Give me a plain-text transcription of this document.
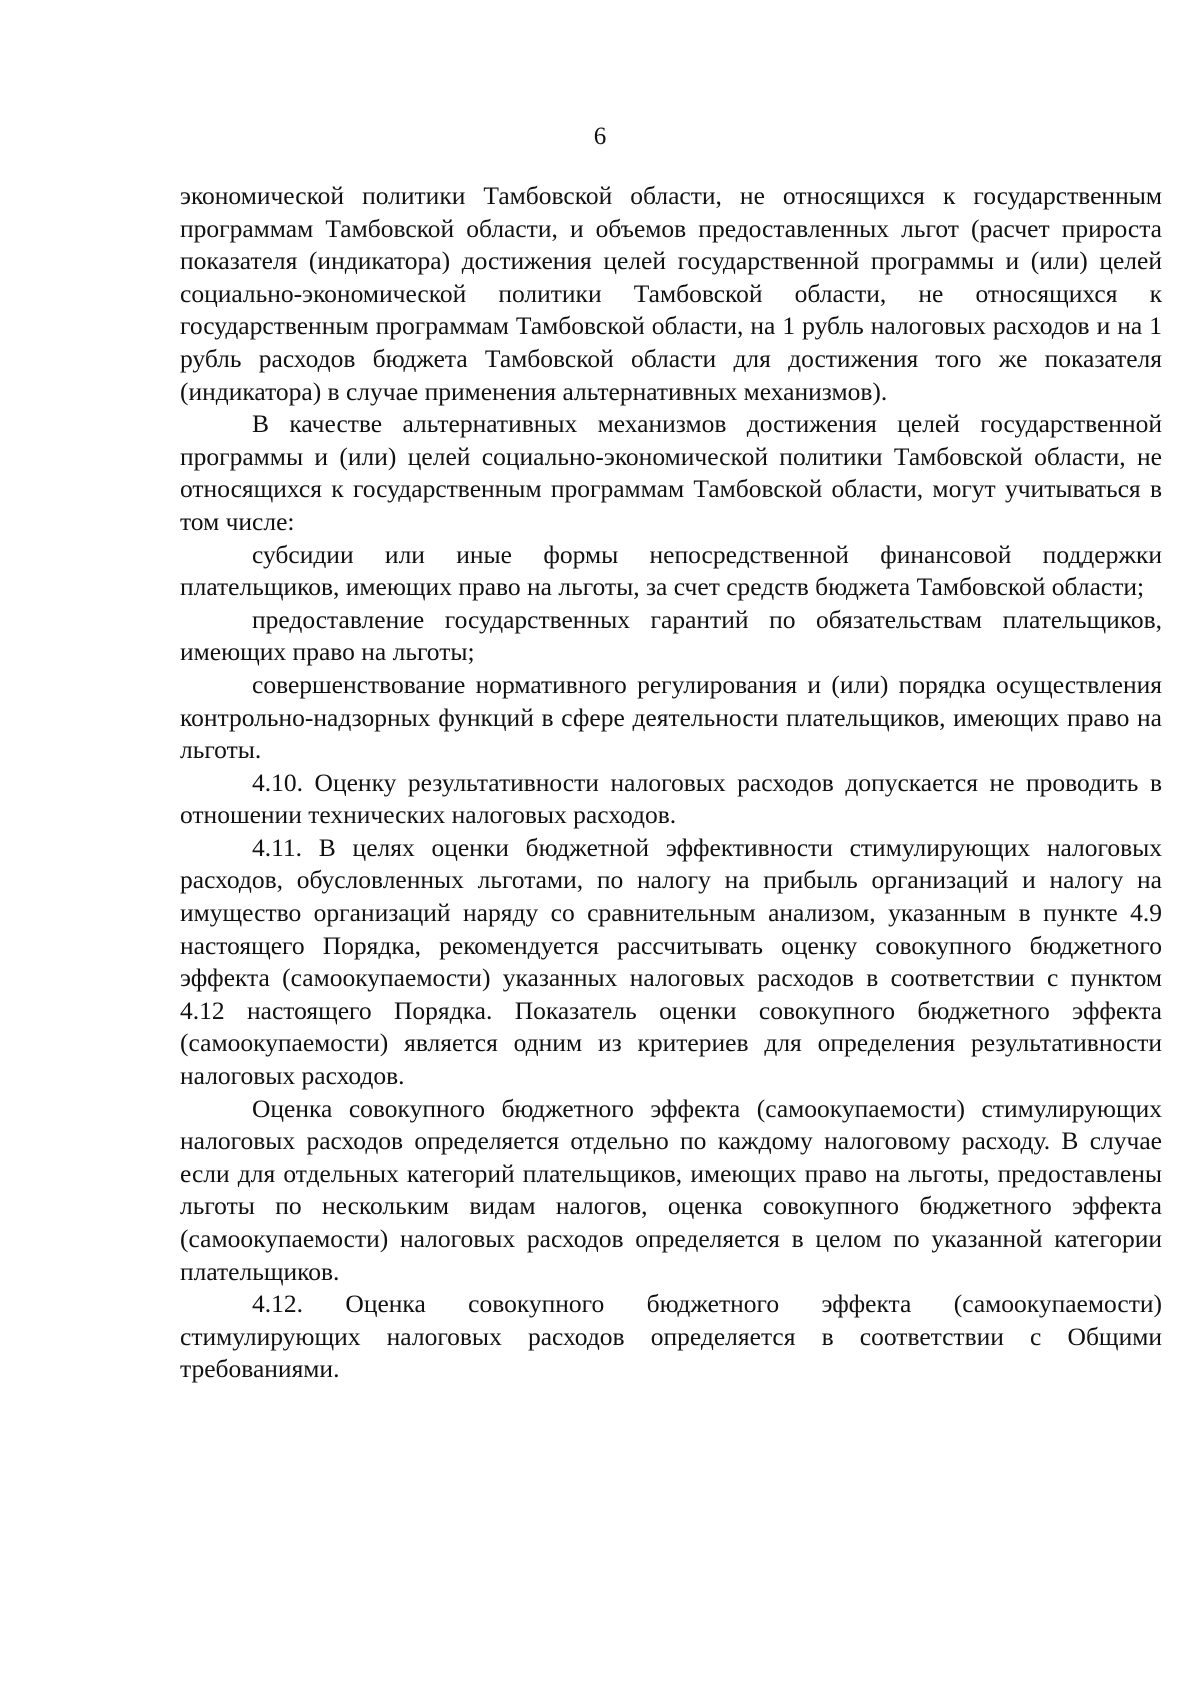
6

экономической политики Тамбовской области, не относящихся к государственным программам Тамбовской области, и объемов предоставленных льгот (расчет прироста показателя (индикатора) достижения целей государственной программы и (или) целей социально-экономической политики Тамбовской области, не относящихся к государственным программам Тамбовской области, на 1 рубль налоговых расходов и на 1 рубль расходов бюджета Тамбовской области для достижения того же показателя (индикатора) в случае применения альтернативных механизмов).

В качестве альтернативных механизмов достижения целей государственной программы и (или) целей социально-экономической политики Тамбовской области, не относящихся к государственным программам Тамбовской области, могут учитываться в том числе:

субсидии или иные формы непосредственной финансовой поддержки плательщиков, имеющих право на льготы, за счет средств бюджета Тамбовской области;

предоставление государственных гарантий по обязательствам плательщиков, имеющих право на льготы;

совершенствование нормативного регулирования и (или) порядка осуществления контрольно-надзорных функций в сфере деятельности плательщиков, имеющих право на льготы.

4.10. Оценку результативности налоговых расходов допускается не проводить в отношении технических налоговых расходов.

4.11. В целях оценки бюджетной эффективности стимулирующих налоговых расходов, обусловленных льготами, по налогу на прибыль организаций и налогу на имущество организаций наряду со сравнительным анализом, указанным в пункте 4.9 настоящего Порядка, рекомендуется рассчитывать оценку совокупного бюджетного эффекта (самоокупаемости) указанных налоговых расходов в соответствии с пунктом 4.12 настоящего Порядка. Показатель оценки совокупного бюджетного эффекта (самоокупаемости) является одним из критериев для определения результативности налоговых расходов.

Оценка совокупного бюджетного эффекта (самоокупаемости) стимулирующих налоговых расходов определяется отдельно по каждому налоговому расходу. В случае если для отдельных категорий плательщиков, имеющих право на льготы, предоставлены льготы по нескольким видам налогов, оценка совокупного бюджетного эффекта (самоокупаемости) налоговых расходов определяется в целом по указанной категории плательщиков.

4.12. Оценка совокупного бюджетного эффекта (самоокупаемости) стимулирующих налоговых расходов определяется в соответствии с Общими требованиями.
